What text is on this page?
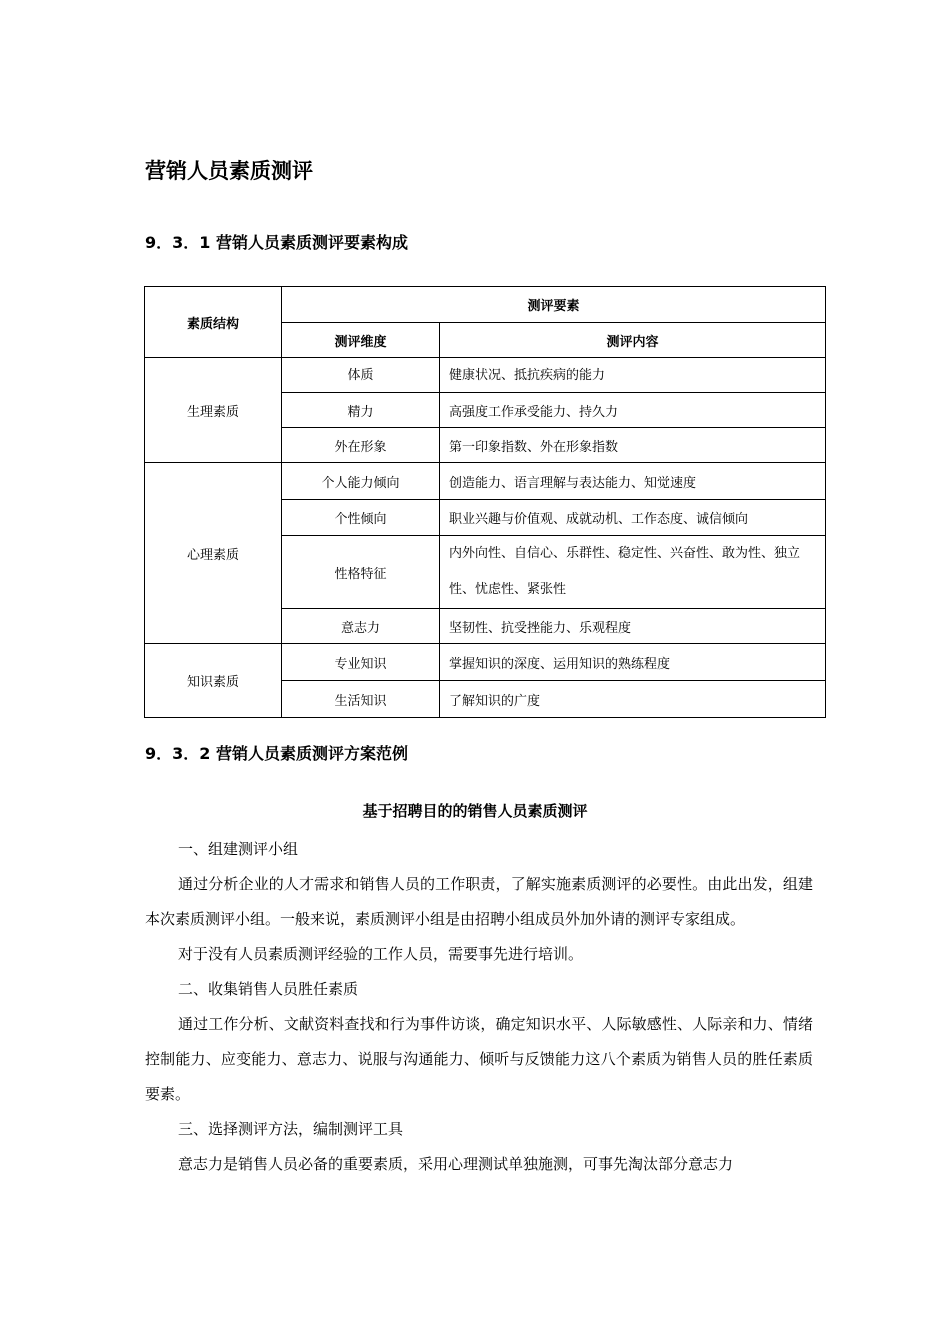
营销人员素质测评
9．3．1 营销人员素质测评要素构成
素质结构	测评要素	
	测评维度	测评内容
生理素质	体质	健康状况、抵抗疾病的能力
	精力	高强度工作承受能力、持久力
	外在形象	第一印象指数、外在形象指数
心理素质	个人能力倾向	创造能力、语言理解与表达能力、知觉速度
	个性倾向	职业兴趣与价值观、成就动机、工作态度、诚信倾向
	性格特征	内外向性、自信心、乐群性、稳定性、兴奋性、敢为性、独立性、忧虑性、紧张性
	意志力	坚韧性、抗受挫能力、乐观程度
知识素质	专业知识	掌握知识的深度、运用知识的熟练程度
	生活知识	了解知识的广度
9．3．2 营销人员素质测评方案范例
基于招聘目的的销售人员素质测评

一、组建测评小组

通过分析企业的人才需求和销售人员的工作职责，了解实施素质测评的必要性。由此出发，组建本次素质测评小组。一般来说，素质测评小组是由招聘小组成员外加外请的测评专家组成。

对于没有人员素质测评经验的工作人员，需要事先进行培训。

二、收集销售人员胜任素质

通过工作分析、文献资料查找和行为事件访谈，确定知识水平、人际敏感性、人际亲和力、情绪控制能力、应变能力、意志力、说服与沟通能力、倾听与反馈能力这八个素质为销售人员的胜任素质要素。

三、选择测评方法，编制测评工具

意志力是销售人员必备的重要素质，采用心理测试单独施测，可事先淘汰部分意志力
